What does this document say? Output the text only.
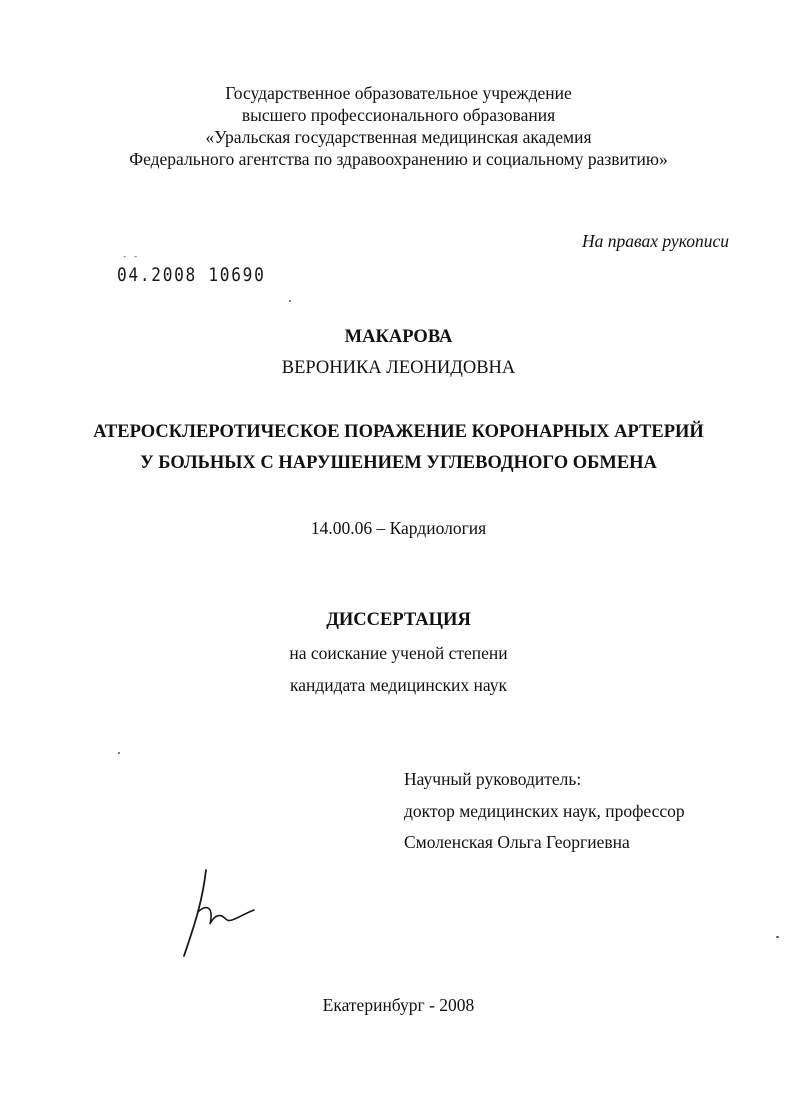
Государственное образовательное учреждение
высшего профессионального образования
«Уральская государственная медицинская академия
Федерального агентства по здравоохранению и социальному развитию»
На правах рукописи
- -
04.2008 10690
МАКАРОВА
ВЕРОНИКА ЛЕОНИДОВНА
АТЕРОСКЛЕРОТИЧЕСКОЕ ПОРАЖЕНИЕ КОРОНАРНЫХ АРТЕРИЙ
У БОЛЬНЫХ С НАРУШЕНИЕМ УГЛЕВОДНОГО ОБМЕНА
14.00.06 – Кардиология
ДИССЕРТАЦИЯ
на соискание ученой степени
кандидата медицинских наук
Научный руководитель:
доктор медицинских наук, профессор
Смоленская Ольга Георгиевна
Екатеринбург - 2008
